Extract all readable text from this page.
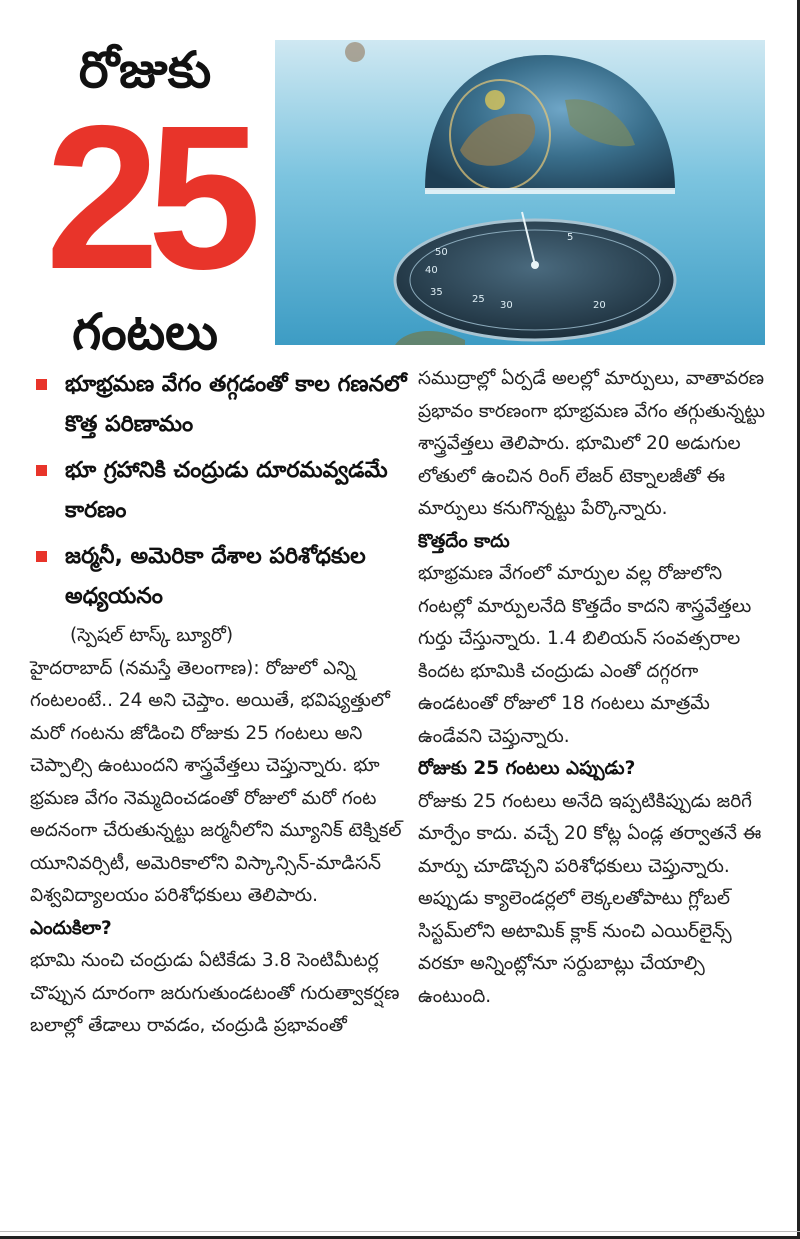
రోజుకు
25
గంటలు
50
40
35
30
25
20
5
భూభ్రమణ వేగం తగ్గడంతో కాల గణనలో కొత్త పరిణామం
భూ గ్రహానికి చంద్రుడు దూరమవ్వడమే కారణం
జర్మనీ, అమెరికా దేశాల పరిశోధకుల అధ్యయనం

(స్పెషల్ టాస్క్ బ్యూరో)

హైదరాబాద్ (నమస్తే తెలంగాణ): రోజులో ఎన్ని గంటలంటే.. 24 అని చెప్తాం. అయితే, భవిష్యత్తులో మరో గంటను జోడించి రోజుకు 25 గంటలు అని చెప్పాల్సి ఉంటుందని శాస్త్రవేత్తలు చెప్తున్నారు. భూ భ్రమణ వేగం నెమ్మదించడంతో రోజులో మరో గంట అదనంగా చేరుతున్నట్టు జర్మనీలోని మ్యూనిక్ టెక్నికల్ యూనివర్సిటీ, అమెరికాలోని విస్కాన్సిన్-మాడిసన్ విశ్వవిద్యాలయం పరిశోధకులు తెలిపారు.

ఎందుకిలా?

భూమి నుంచి చంద్రుడు ఏటికేడు 3.8 సెంటిమీటర్ల చొప్పున దూరంగా జరుగుతుండటంతో గురుత్వాకర్షణ బలాల్లో తేడాలు రావడం, చంద్రుడి ప్రభావంతో

సముద్రాల్లో ఏర్పడే అలల్లో మార్పులు, వాతావరణ ప్రభావం కారణంగా భూభ్రమణ వేగం తగ్గుతున్నట్టు శాస్త్రవేత్తలు తెలిపారు. భూమిలో 20 అడుగుల లోతులో ఉంచిన రింగ్ లేజర్ టెక్నాలజీతో ఈ మార్పులు కనుగొన్నట్టు పేర్కొన్నారు.

కొత్తదేం కాదు

భూభ్రమణ వేగంలో మార్పుల వల్ల రోజులోని గంటల్లో మార్పులనేది కొత్తదేం కాదని శాస్త్రవేత్తలు గుర్తు చేస్తున్నారు. 1.4 బిలియన్ సంవత్సరాల కిందట భూమికి చంద్రుడు ఎంతో దగ్గరగా ఉండటంతో రోజులో 18 గంటలు మాత్రమే ఉండేవని చెప్తున్నారు.

రోజుకు 25 గంటలు ఎప్పుడు?

రోజుకు 25 గంటలు అనేది ఇప్పటికిప్పుడు జరిగే మార్పేం కాదు. వచ్చే 20 కోట్ల ఏండ్ల తర్వాతనే ఈ మార్పు చూడొచ్చని పరిశోధకులు చెప్తున్నారు. అప్పుడు క్యాలెండర్లలో లెక్కలతోపాటు గ్లోబల్ సిస్టమ్‌లోని అటామిక్ క్లాక్ నుంచి ఎయిర్‌లైన్స్ వరకూ అన్నింట్లోనూ సర్దుబాట్లు చేయాల్సి ఉంటుంది.
